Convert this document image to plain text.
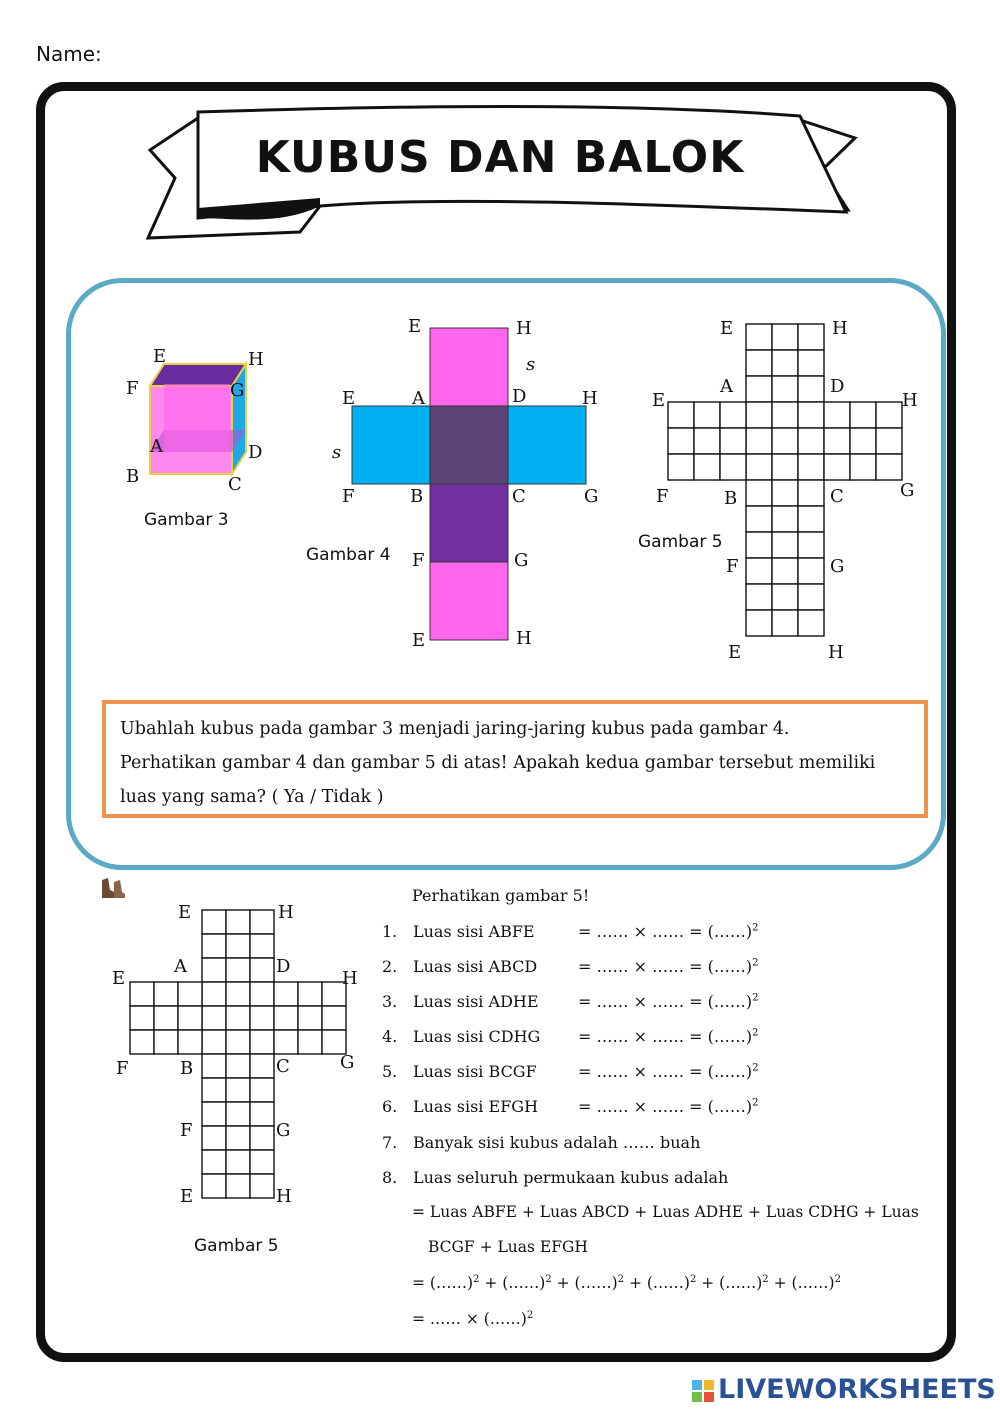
Name:
KUBUS DAN BALOK
E	H
F	G
A	D
B	C
Gambar 3
E	H
s
E	A	D	H
s
F	B	C	G
F	G
E	H
Gambar 4
E	H
A	D
E	H
F	B	C	G
F	G
E	H
Gambar 5

Ubahlah kubus pada gambar 3 menjadi jaring-jaring kubus pada gambar 4.

Perhatikan gambar 4 dan gambar 5 di atas! Apakah kedua gambar tersebut memiliki

luas yang sama? ( Ya / Tidak )

E	H
A	D
E	H
F	B	C	G
F	G
E	H
Gambar 5
Perhatikan gambar 5!
1. Luas sisi ABFE	= …… × …… = (……)$^2$
2. Luas sisi ABCD	= …… × …… = (……)$^2$
3. Luas sisi ADHE = …… × …… = (……)$^2$
4. Luas sisi CDHG = …… × …… = (……)$^2$
5. Luas sisi BCGF	= …… × …… = (……)$^2$
6. Luas sisi EFGH = …… × …… = (……)$^2$
7. Banyak sisi kubus adalah …… buah
8. Luas seluruh permukaan kubus adalah
= Luas ABFE + Luas ABCD + Luas ADHE + Luas CDHG + Luas
BCGF + Luas EFGH
= (……)$^2$ + (……)$^2$ + (……)$^2$ + (……)$^2$ + (……)$^2$ + (……)$^2$
= …… × (……)$^2$
LIVEWORKSHEETS
